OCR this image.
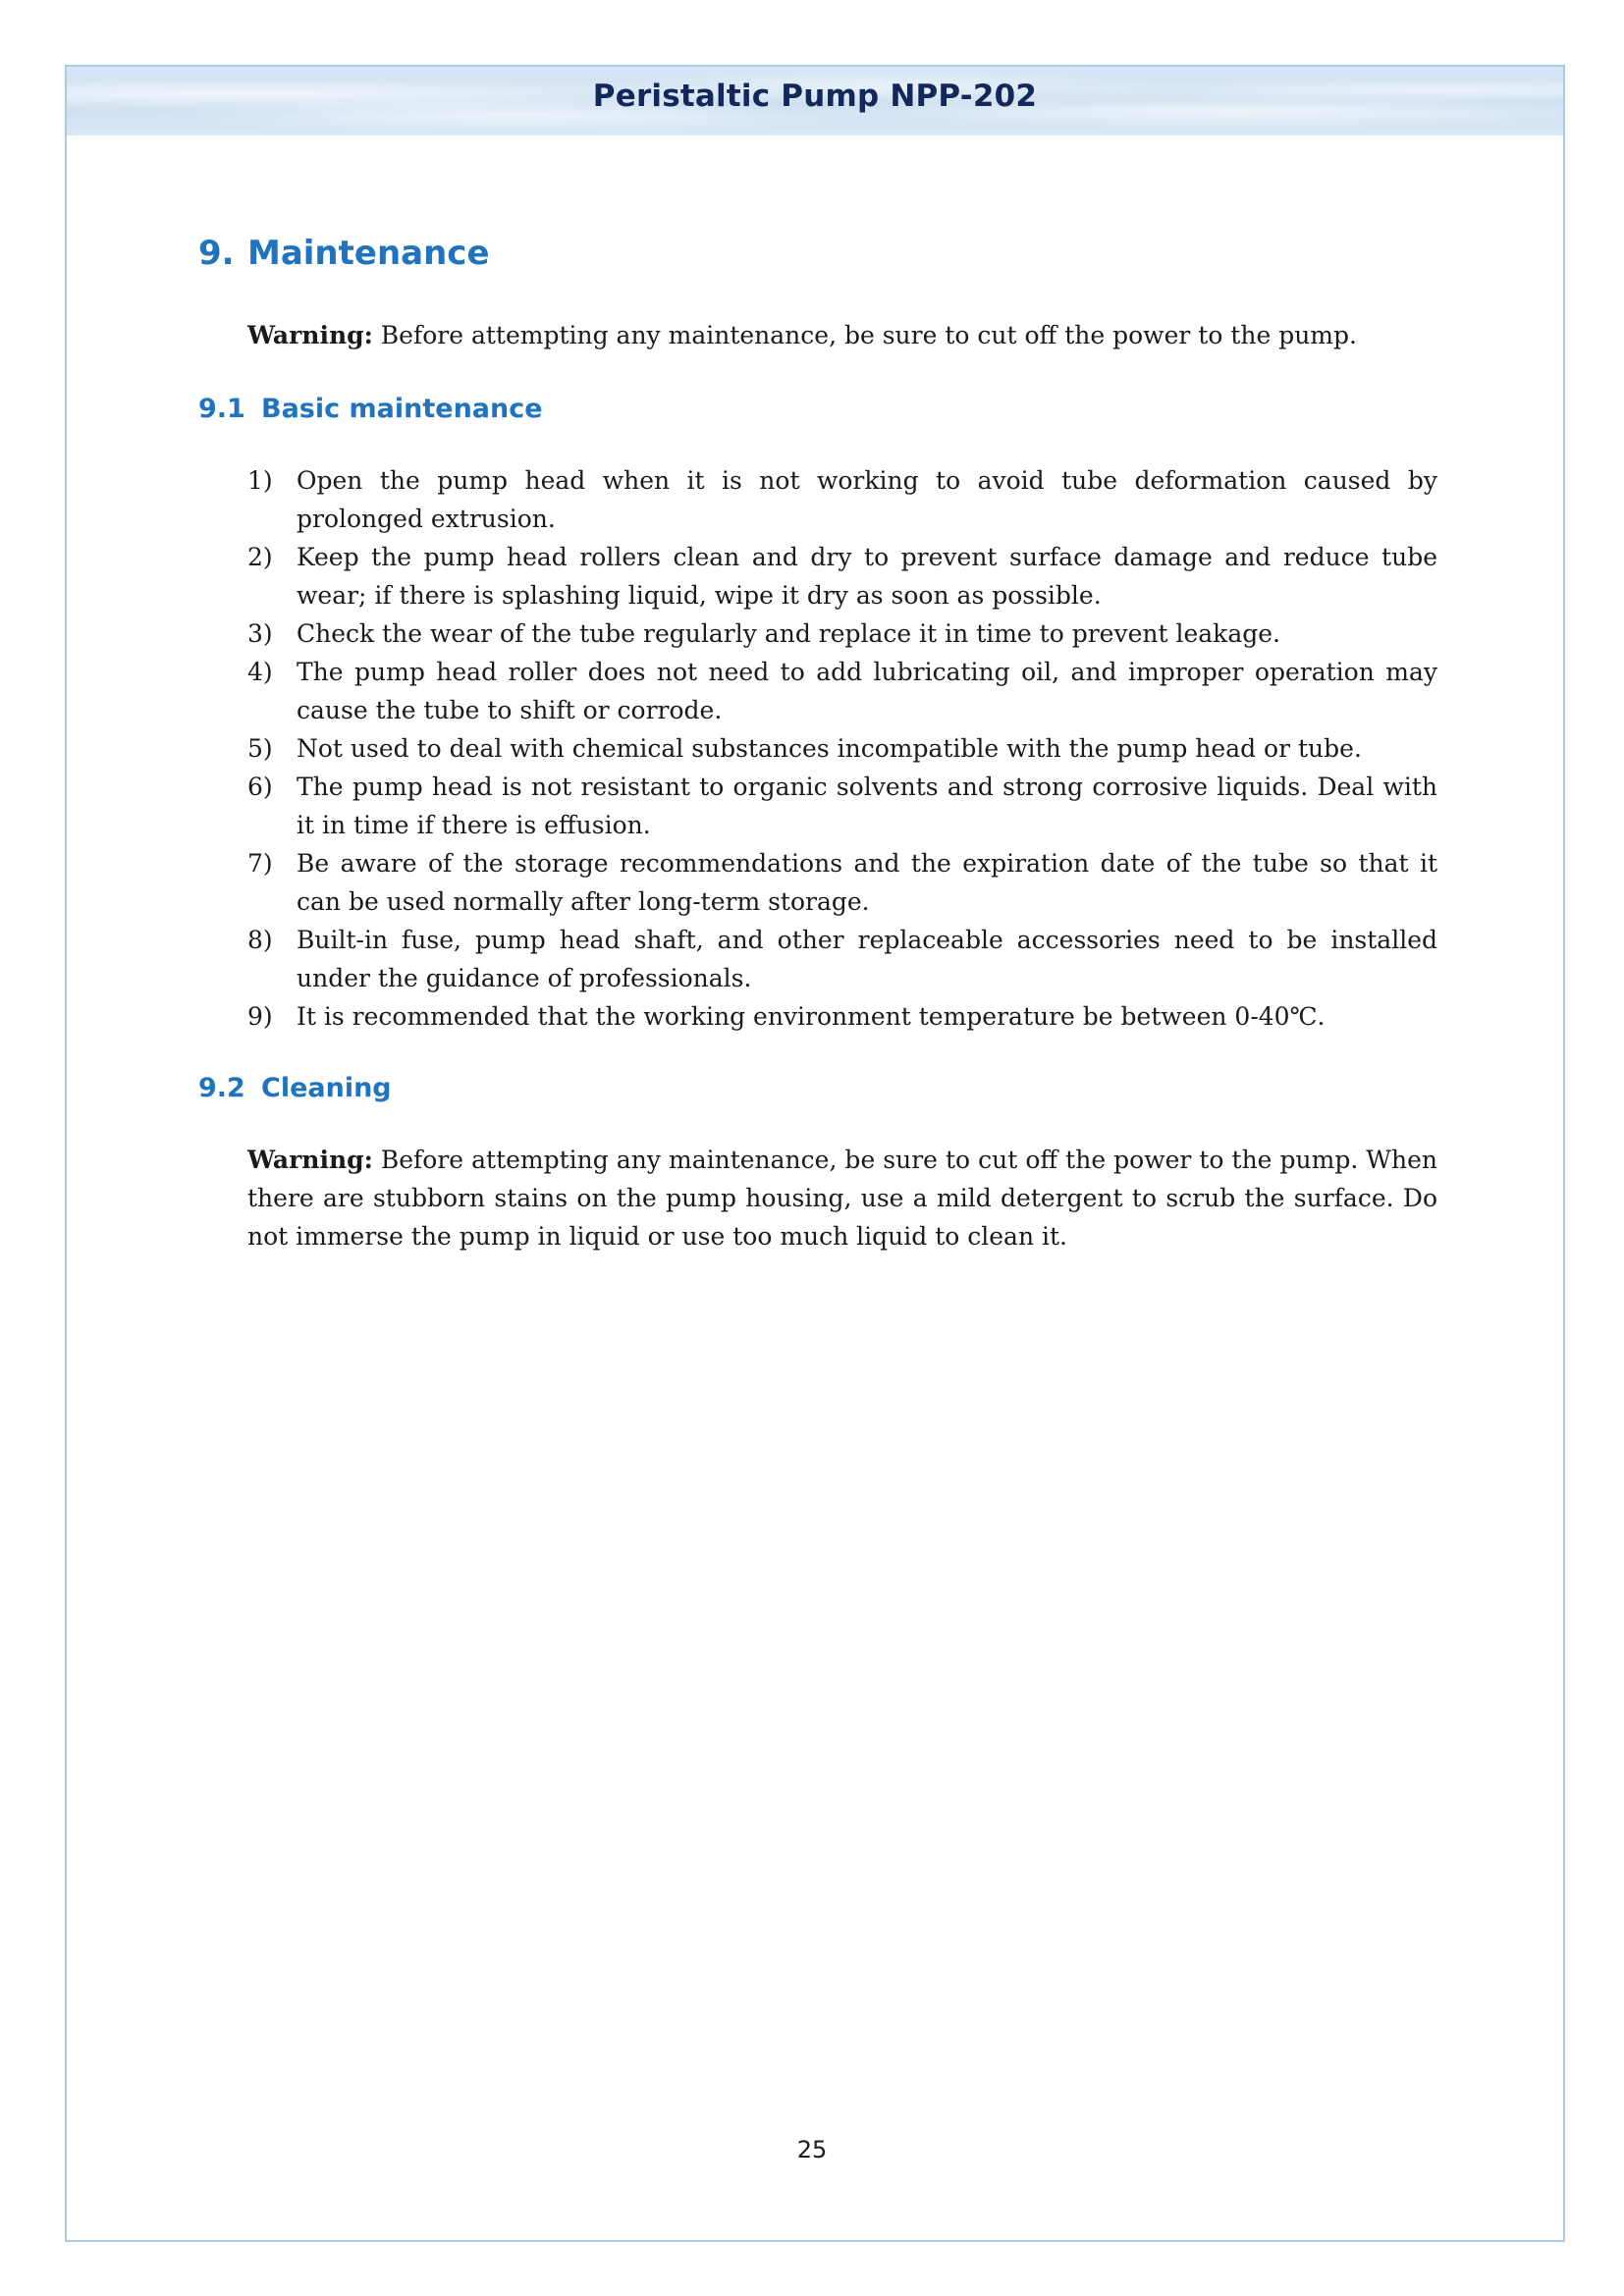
Peristaltic Pump NPP-202
9. Maintenance

Warning: Before attempting any maintenance, be sure to cut off the power to the pump.

9.1 Basic maintenance
1) Open the pump head when it is not working to avoid tube deformation caused by prolonged extrusion.
2) Keep the pump head rollers clean and dry to prevent surface damage and reduce tube wear; if there is splashing liquid, wipe it dry as soon as possible.
3) Check the wear of the tube regularly and replace it in time to prevent leakage.
4) The pump head roller does not need to add lubricating oil, and improper operation may cause the tube to shift or corrode.
5) Not used to deal with chemical substances incompatible with the pump head or tube.
6) The pump head is not resistant to organic solvents and strong corrosive liquids. Deal with it in time if there is effusion.
7) Be aware of the storage recommendations and the expiration date of the tube so that it can be used normally after long-term storage.
8) Built-in fuse, pump head shaft, and other replaceable accessories need to be installed under the guidance of professionals.
9) It is recommended that the working environment temperature be between 0-40℃.
9.2 Cleaning

Warning: Before attempting any maintenance, be sure to cut off the power to the pump. When there are stubborn stains on the pump housing, use a mild detergent to scrub the surface. Do not immerse the pump in liquid or use too much liquid to clean it.

25
